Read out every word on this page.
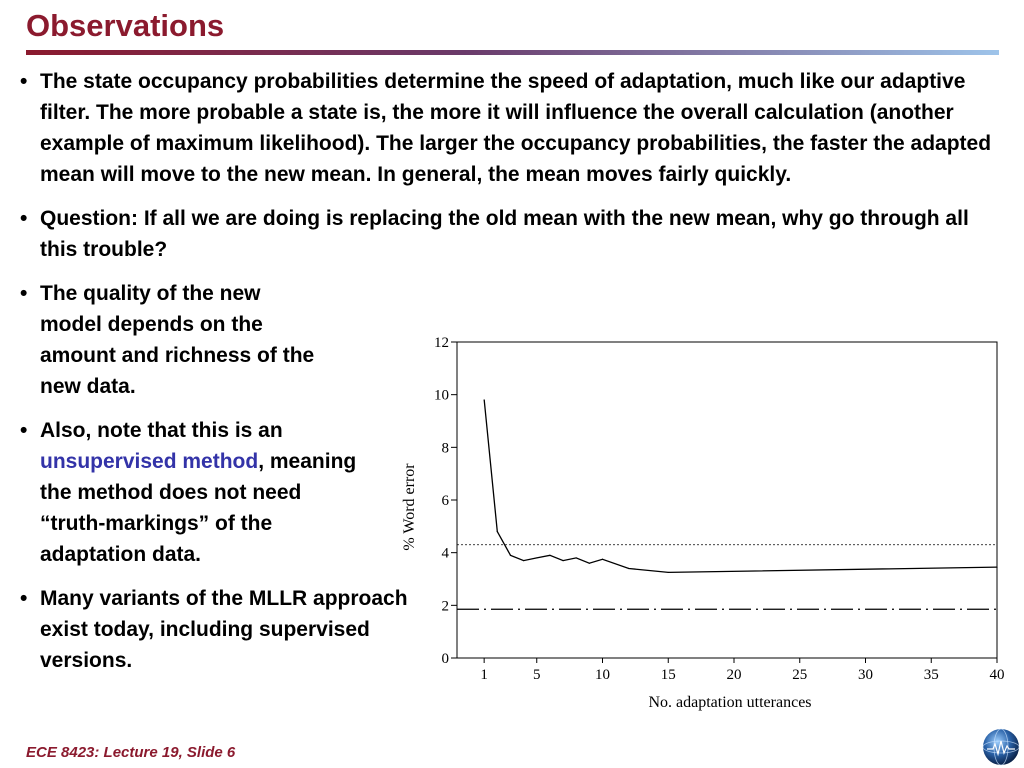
Observations
• The state occupancy probabilities determine the speed of adaptation, much like our adaptive filter. The more probable a state is, the more it will influence the overall calculation (another example of maximum likelihood). The larger the occupancy probabilities, the faster the adapted mean will move to the new mean. In general, the mean moves fairly quickly.
• Question: If all we are doing is replacing the old mean with the new mean, why go through all this trouble?
• The quality of the new model depends on the amount and richness of the new data.
• Also, note that this is an unsupervised method, meaning the method does not need “truth-markings” of the adaptation data.
• Many variants of the MLLR approach exist today, including supervised versions.	0
2
4
6
8
10
12
1	5	10	15	20	25	30	35	40
No. adaptation utterances
% Word error
ECE 8423: Lecture 19, Slide 6
